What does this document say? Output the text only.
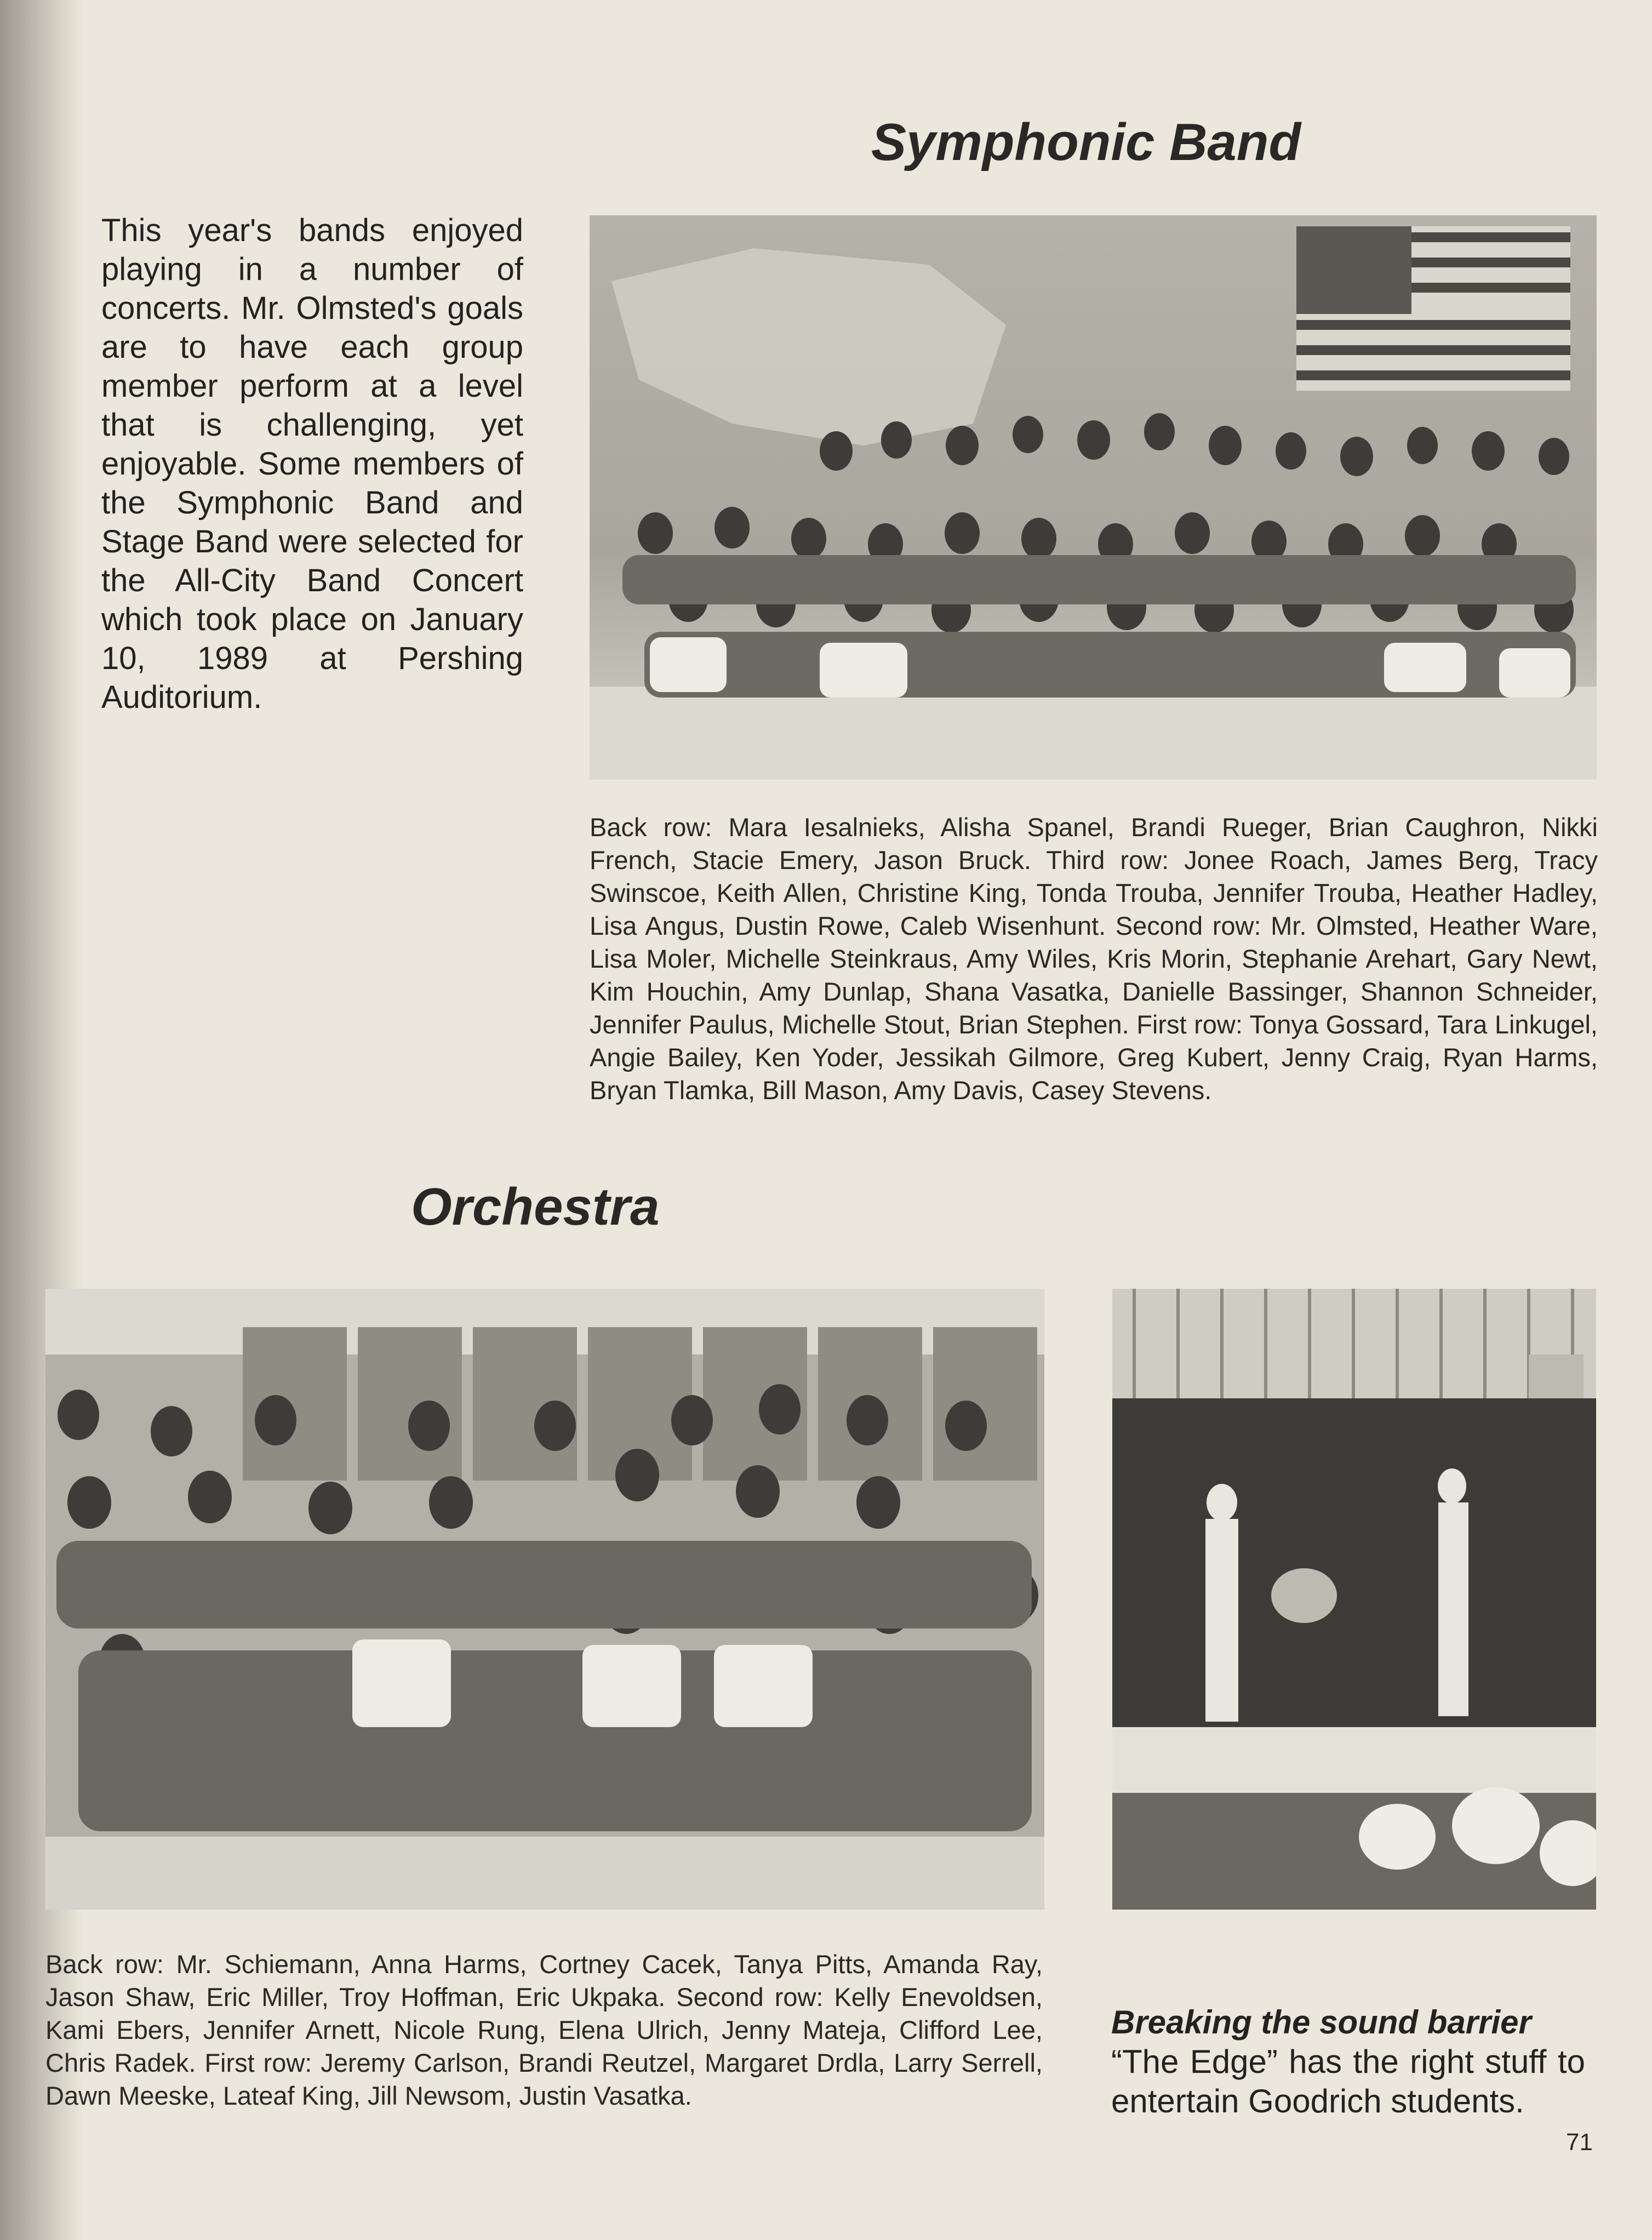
Symphonic Band

This year's bands enjoyed playing in a number of concerts. Mr. Olmsted's goals are to have each group member perform at a level that is challenging, yet enjoyable. Some members of the Symphonic Band and Stage Band were selected for the All-City Band Concert which took place on January 10, 1989 at Pershing Auditorium.

Back row: Mara Iesalnieks, Alisha Spanel, Brandi Rueger, Brian Caughron, Nikki French, Stacie Emery, Jason Bruck. Third row: Jonee Roach, James Berg, Tracy Swinscoe, Keith Allen, Christine King, Tonda Trouba, Jennifer Trouba, Heather Hadley, Lisa Angus, Dustin Rowe, Caleb Wisenhunt. Second row: Mr. Olmsted, Heather Ware, Lisa Moler, Michelle Steinkraus, Amy Wiles, Kris Morin, Stephanie Arehart, Gary Newt, Kim Houchin, Amy Dunlap, Shana Vasatka, Danielle Bassinger, Shannon Schneider, Jennifer Paulus, Michelle Stout, Brian Stephen. First row: Tonya Gossard, Tara Linkugel, Angie Bailey, Ken Yoder, Jessikah Gilmore, Greg Kubert, Jenny Craig, Ryan Harms, Bryan Tlamka, Bill Mason, Amy Davis, Casey Stevens.

Orchestra

Back row: Mr. Schiemann, Anna Harms, Cortney Cacek, Tanya Pitts, Amanda Ray, Jason Shaw, Eric Miller, Troy Hoffman, Eric Ukpaka. Second row: Kelly Enevoldsen, Kami Ebers, Jennifer Arnett, Nicole Rung, Elena Ulrich, Jenny Mateja, Clifford Lee, Chris Radek. First row: Jeremy Carlson, Brandi Reutzel, Margaret Drdla, Larry Serrell, Dawn Meeske, Lateaf King, Jill Newsom, Justin Vasatka.

Breaking the sound barrier
“The Edge” has the right stuff to entertain Goodrich students.
71
